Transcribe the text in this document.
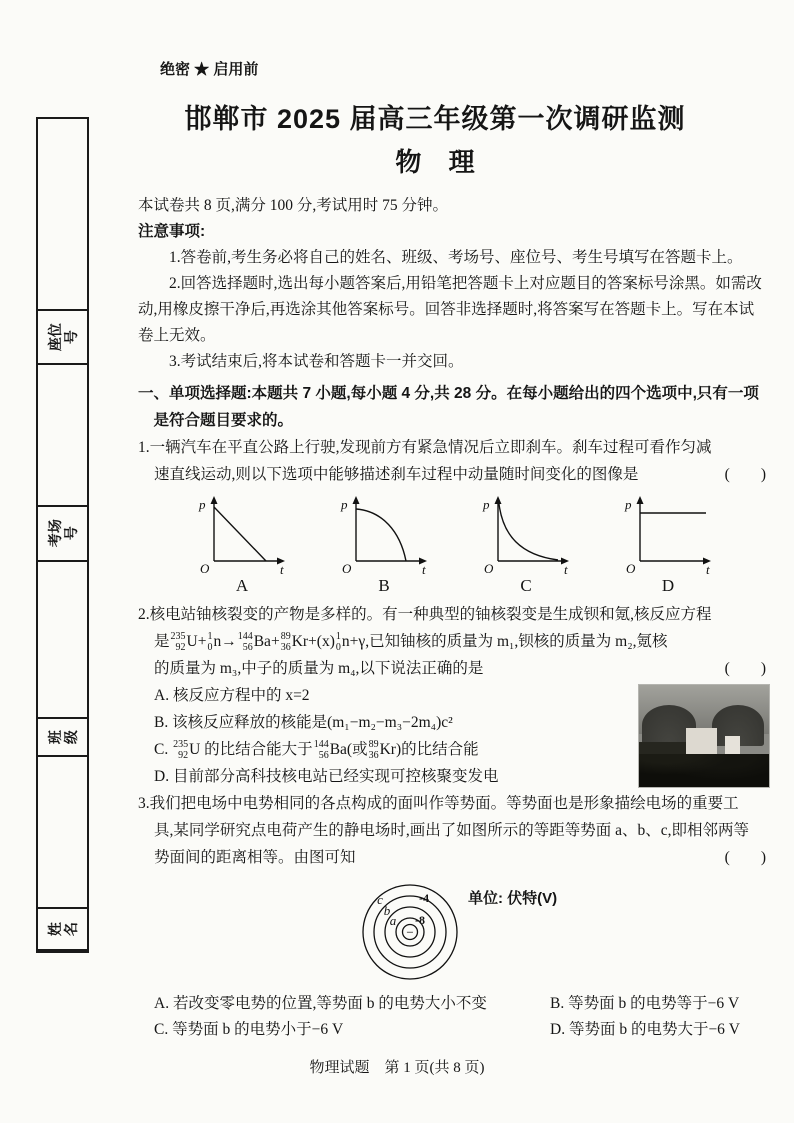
座位
号
考场
号
班
级
姓
名
绝密 ★ 启用前
邯郸市 2025 届高三年级第一次调研监测
物 理
本试卷共 8 页,满分 100 分,考试用时 75 分钟。
注意事项:
1.答卷前,考生务必将自己的姓名、班级、考场号、座位号、考生号填写在答题卡上。
2.回答选择题时,选出每小题答案后,用铅笔把答题卡上对应题目的答案标号涂黑。如需改动,用橡皮擦干净后,再选涂其他答案标号。回答非选择题时,将答案写在答题卡上。写在本试卷上无效。
3.考试结束后,将本试卷和答题卡一并交回。
一、单项选择题:本题共 7 小题,每小题 4 分,共 28 分。在每小题给出的四个选项中,只有一项是符合题目要求的。
1.一辆汽车在平直公路上行驶,发现前方有紧急情况后立即刹车。刹车过程可看作匀减
速直线运动,则以下选项中能够描述刹车过程中动量随时间变化的图像是	(        )
p
O	t
A
p
O	t
B
p
O	t
C
p
O	t
D
2.核电站铀核裂变的产物是多样的。有一种典型的铀核裂变是生成钡和氪,核反应方程
是 235
92 U + 1
0 n → 144
56 Ba + 89
36 Kr +(x) 1
0 n +γ ,已知铀核的质量为 m₁,钡核的质量为 m₂,氪核
的质量为 m₃,中子的质量为 m₄,以下说法正确的是	(        )
A. 核反应方程中的 x=2
B. 该核反应释放的核能是(m₁−m₂−m₃−2m₄)c²
C. 235
92 U 的比结合能大于 144
56 Ba (或 89
36 Kr )的比结合能
D. 目前部分高科技核电站已经实现可控核聚变发电
3.我们把电场中电势相同的各点构成的面叫作等势面。等势面也是形象描绘电场的重要工
具,某同学研究点电荷产生的静电场时,画出了如图所示的等距等势面 a、b、c,即相邻两等
势面间的距离相等。由图可知	(        )
−
a
b
c
-8
-4	单位: 伏特(V)
A. 若改变零电势的位置,等势面 b 的电势大小不变	B. 等势面 b 的电势等于−6 V
C. 等势面 b 的电势小于−6 V	D. 等势面 b 的电势大于−6 V
物理试题　第 1 页(共 8 页)
